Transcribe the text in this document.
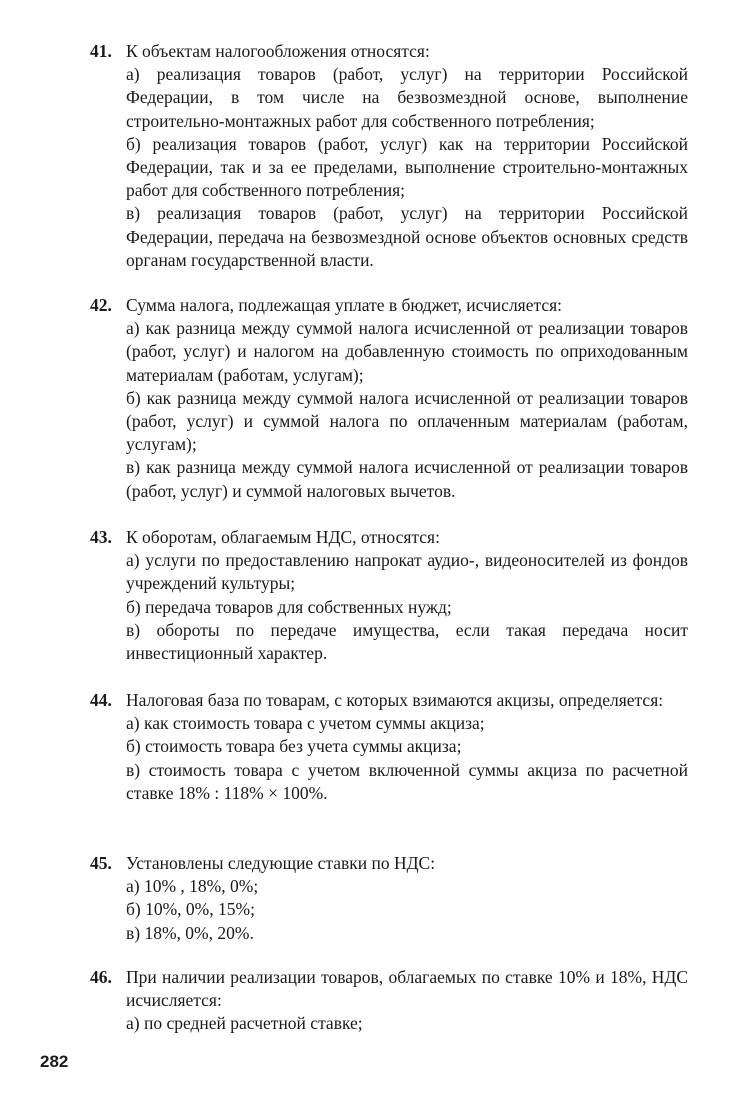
41. К объектам налогообложения относятся:

а) реализация товаров (работ, услуг) на территории Российской Федерации, в том числе на безвозмездной основе, выполнение строительно-монтажных работ для собственного потребления;

б) реализация товаров (работ, услуг) как на территории Российской Федерации, так и за ее пределами, выполнение строительно-монтажных работ для собственного потребления;

в) реализация товаров (работ, услуг) на территории Российской Федерации, передача на безвозмездной основе объектов основных средств органам государственной власти.

42. Сумма налога, подлежащая уплате в бюджет, исчисляется:

а) как разница между суммой налога исчисленной от реализации товаров (работ, услуг) и налогом на добавленную стоимость по оприходованным материалам (работам, услугам);

б) как разница между суммой налога исчисленной от реализации товаров (работ, услуг) и суммой налога по оплаченным материалам (работам, услугам);

в) как разница между суммой налога исчисленной от реализации товаров (работ, услуг) и суммой налоговых вычетов.

43. К оборотам, облагаемым НДС, относятся:

а) услуги по предоставлению напрокат аудио-, видеоносителей из фондов учреждений культуры;

б) передача товаров для собственных нужд;

в) обороты по передаче имущества, если такая передача носит инвестиционный характер.

44. Налоговая база по товарам, с которых взимаются акцизы, определяется:

а) как стоимость товара с учетом суммы акциза;

б) стоимость товара без учета суммы акциза;

в) стоимость товара с учетом включенной суммы акциза по расчетной ставке 18% : 118% × 100%.

45. Установлены следующие ставки по НДС:

а) 10% , 18%, 0%;

б) 10%, 0%, 15%;

в) 18%, 0%, 20%.

46. При наличии реализации товаров, облагаемых по ставке 10% и 18%, НДС исчисляется:

а) по средней расчетной ставке;

282
